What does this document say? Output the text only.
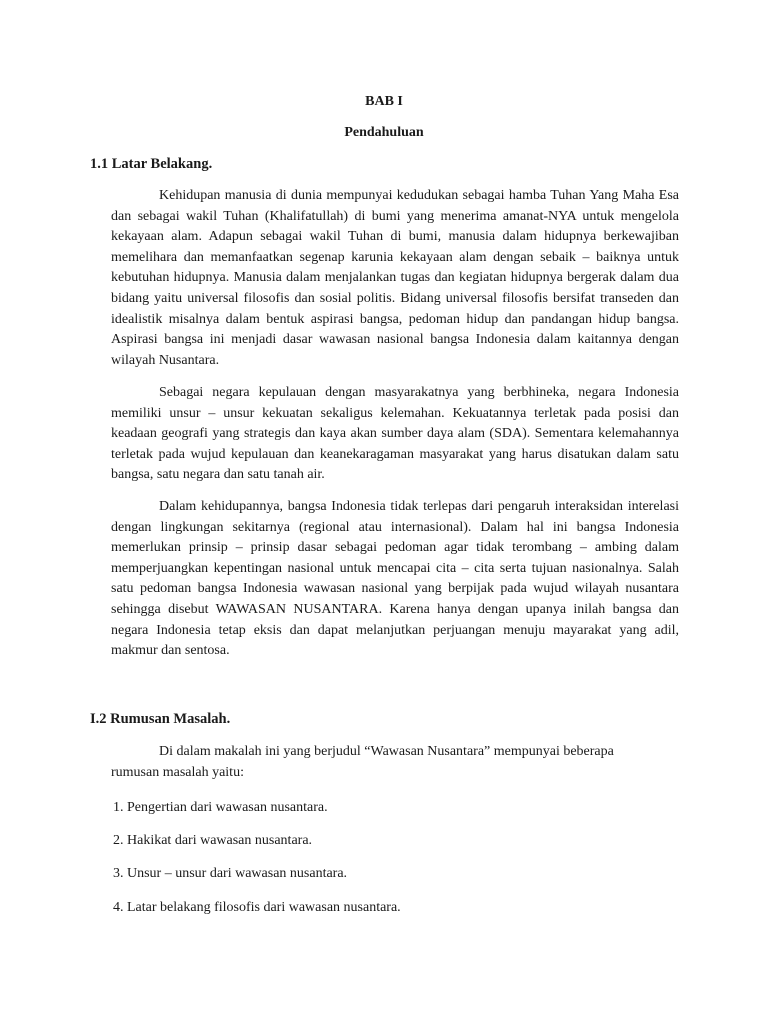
BAB I
Pendahuluan
1.1 Latar Belakang.

Kehidupan manusia di dunia mempunyai kedudukan sebagai hamba Tuhan Yang Maha Esa dan sebagai wakil Tuhan (Khalifatullah) di bumi yang menerima amanat-NYA untuk mengelola kekayaan alam. Adapun sebagai wakil Tuhan di bumi, manusia dalam hidupnya berkewajiban memelihara dan memanfaatkan segenap karunia kekayaan alam dengan sebaik – baiknya untuk kebutuhan hidupnya. Manusia dalam menjalankan tugas dan kegiatan hidupnya bergerak dalam dua bidang yaitu universal filosofis dan sosial politis. Bidang universal filosofis bersifat transeden dan idealistik misalnya dalam bentuk aspirasi bangsa, pedoman hidup dan pandangan hidup bangsa. Aspirasi bangsa ini menjadi dasar wawasan nasional bangsa Indonesia dalam kaitannya dengan wilayah Nusantara.

Sebagai negara kepulauan dengan masyarakatnya yang berbhineka, negara Indonesia memiliki unsur – unsur kekuatan sekaligus kelemahan. Kekuatannya terletak pada posisi dan keadaan geografi yang strategis dan kaya akan sumber daya alam (SDA). Sementara kelemahannya terletak pada wujud kepulauan dan keanekaragaman masyarakat yang harus disatukan dalam satu bangsa, satu negara dan satu tanah air.

Dalam kehidupannya, bangsa Indonesia tidak terlepas dari pengaruh interaksidan interelasi dengan lingkungan sekitarnya (regional atau internasional). Dalam hal ini bangsa Indonesia memerlukan prinsip – prinsip dasar sebagai pedoman agar tidak terombang – ambing dalam memperjuangkan kepentingan nasional untuk mencapai cita – cita serta tujuan nasionalnya. Salah satu pedoman bangsa Indonesia wawasan nasional yang berpijak pada wujud wilayah nusantara sehingga disebut WAWASAN NUSANTARA. Karena hanya dengan upanya inilah bangsa dan negara Indonesia tetap eksis dan dapat melanjutkan perjuangan menuju mayarakat yang adil, makmur dan sentosa.

I.2 Rumusan Masalah.

Di dalam makalah ini yang berjudul “Wawasan Nusantara” mempunyai beberapa rumusan masalah yaitu:

1. Pengertian dari wawasan nusantara.
2. Hakikat dari wawasan nusantara.
3. Unsur – unsur dari wawasan nusantara.
4. Latar belakang filosofis dari wawasan nusantara.
